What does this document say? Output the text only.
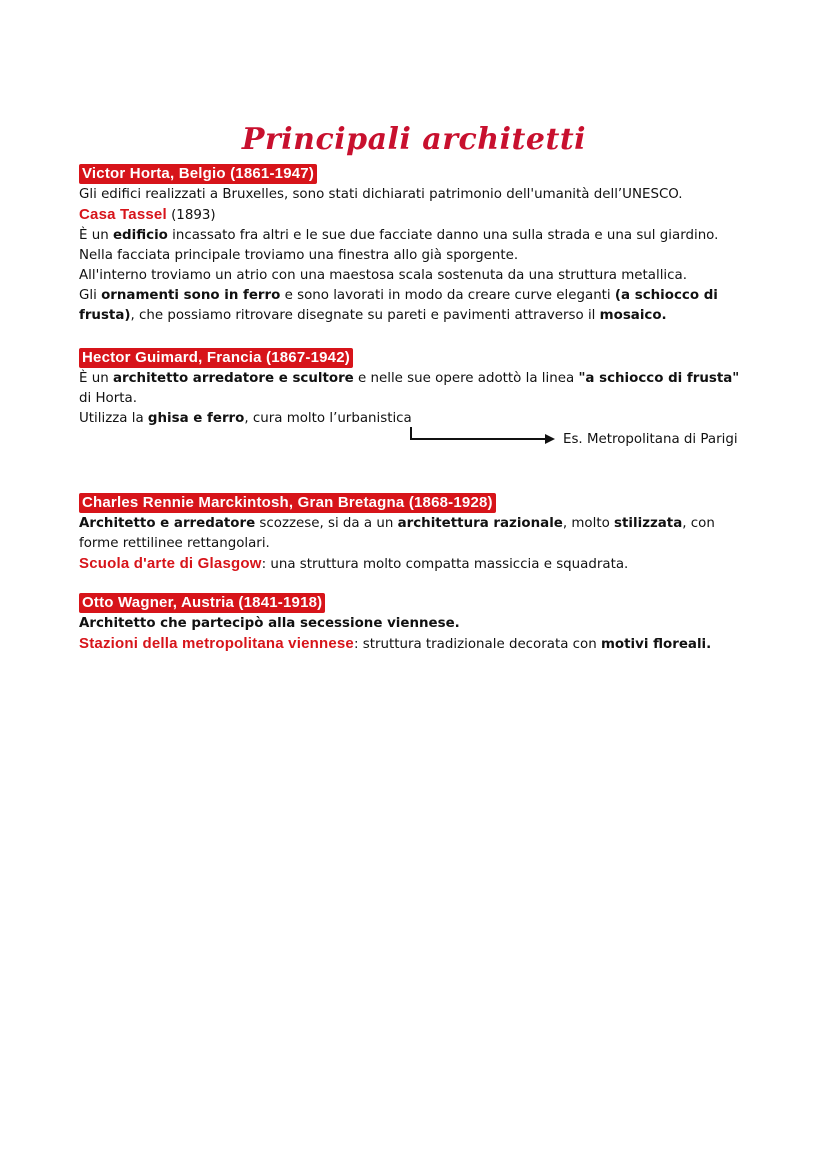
Principali architetti
Victor Horta, Belgio (1861-1947)
Gli edifici realizzati a Bruxelles, sono stati dichiarati patrimonio dell'umanità dell’UNESCO.
Casa Tassel (1893)
È un edificio incassato fra altri e le sue due facciate danno una sulla strada e una sul giardino.
Nella facciata principale troviamo una finestra allo già sporgente.
All'interno troviamo un atrio con una maestosa scala sostenuta da una struttura metallica.
Gli ornamenti sono in ferro e sono lavorati in modo da creare curve eleganti (a schiocco di
frusta), che possiamo ritrovare disegnate su pareti e pavimenti attraverso il mosaico.
Hector Guimard, Francia (1867-1942)
È un architetto arredatore e scultore e nelle sue opere adottò la linea "a schiocco di frusta"
di Horta.
Utilizza la ghisa e ferro, cura molto l’urbanistica
Es. Metropolitana di Parigi
Charles Rennie Marckintosh, Gran Bretagna (1868-1928)
Architetto e arredatore scozzese, si da a un architettura razionale, molto stilizzata, con
forme rettilinee rettangolari.
Scuola d'arte di Glasgow: una struttura molto compatta massiccia e squadrata.
Otto Wagner, Austria (1841-1918)
Architetto che partecipò alla secessione viennese.
Stazioni della metropolitana viennese: struttura tradizionale decorata con motivi floreali.
